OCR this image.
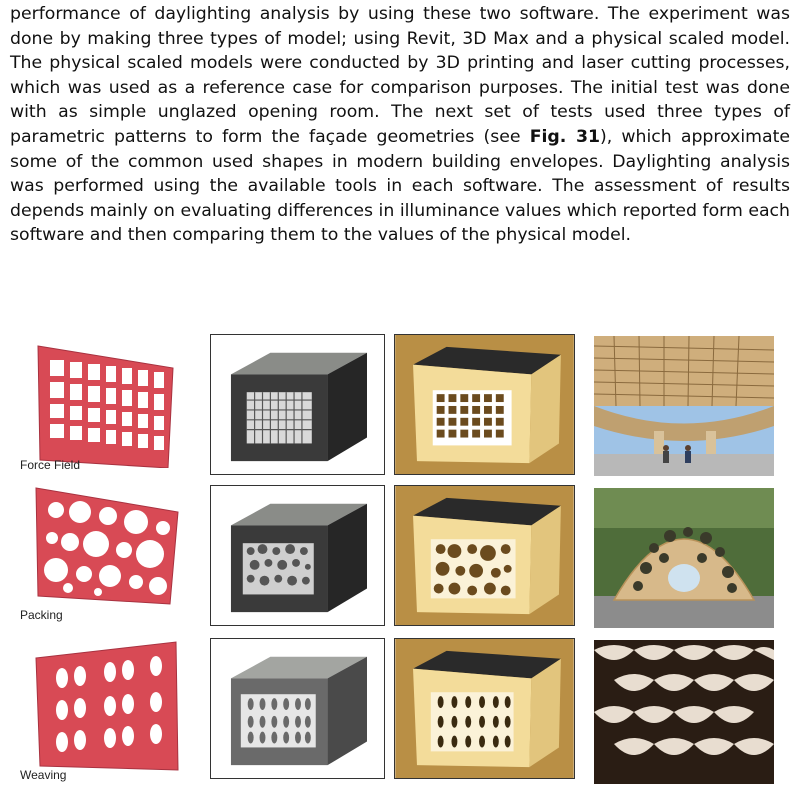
performance of daylighting analysis by using these two software. The experiment was done by making three types of model; using Revit, 3D Max and a physical scaled model. The physical scaled models were conducted by 3D printing and laser cutting processes, which was used as a reference case for comparison purposes. The initial test was done with as simple unglazed opening room. The next set of tests used three types of parametric patterns to form the façade geometries (see Fig. 31), which approximate some of the common used shapes in modern building envelopes. Daylighting analysis was performed using the available tools in each software. The assessment of results depends mainly on evaluating differences in illuminance values which reported form each software and then comparing them to the values of the physical model.
Force Field
Packing
Weaving
